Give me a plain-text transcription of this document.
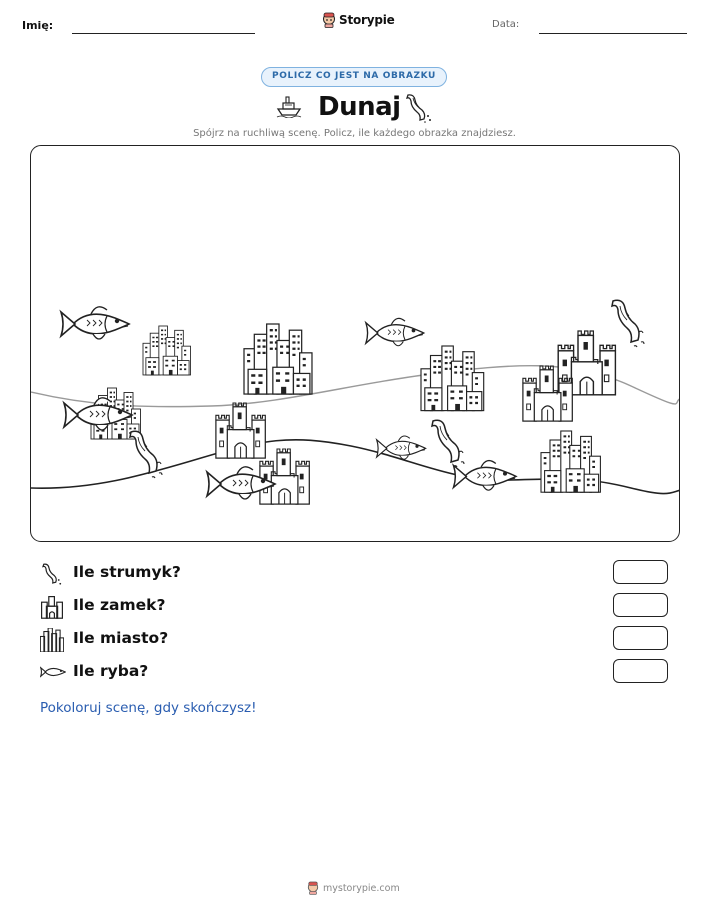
Imię:	Storypie	Data:
POLICZ CO JEST NA OBRAZKU
Dunaj
Spójrz na ruchliwą scenę. Policz, ile każdego obrazka znajdziesz.
Ile strumyk?
Ile zamek?
Ile miasto?
Ile ryba?
Pokoloruj scenę, gdy skończysz!
mystorypie.com
